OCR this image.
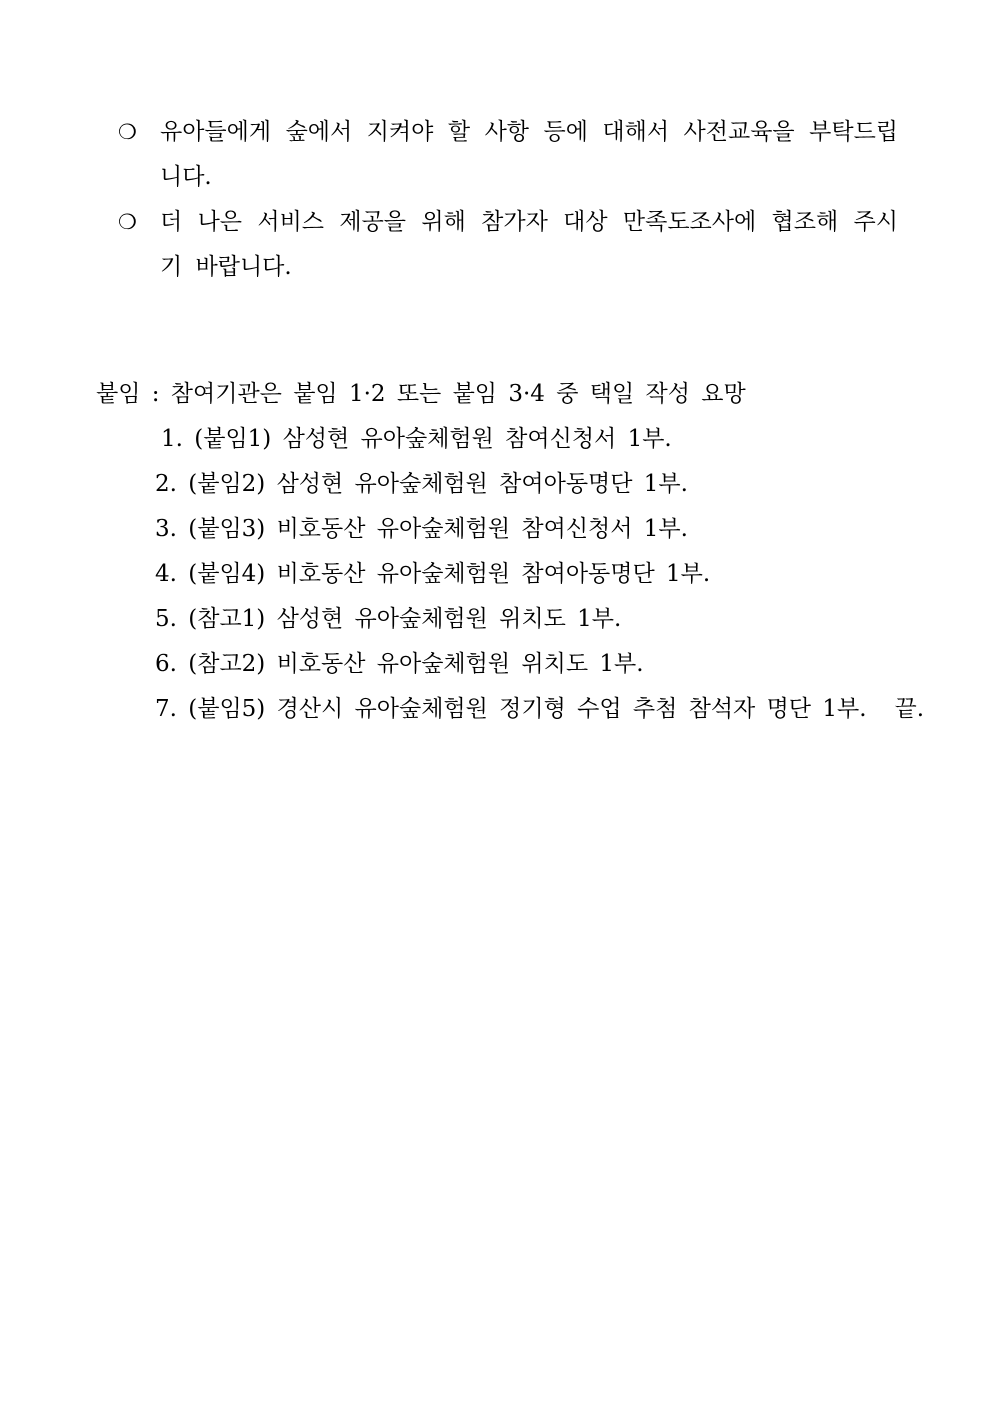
❍ 유아들에게 숲에서 지켜야 할 사항 등에 대해서 사전교육을 부탁드립니다.
❍ 더 나은 서비스 제공을 위해 참가자 대상 만족도조사에 협조해 주시기 바랍니다.
붙임 : 참여기관은 붙임 1·2 또는 붙임 3·4 중 택일 작성 요망
1. (붙임1) 삼성현 유아숲체험원 참여신청서 1부.
2. (붙임2) 삼성현 유아숲체험원 참여아동명단 1부.
3. (붙임3) 비호동산 유아숲체험원 참여신청서 1부.
4. (붙임4) 비호동산 유아숲체험원 참여아동명단 1부.
5. (참고1) 삼성현 유아숲체험원 위치도 1부.
6. (참고2) 비호동산 유아숲체험원 위치도 1부.
7. (붙임5) 경산시 유아숲체험원 정기형 수업 추첨 참석자 명단 1부. 끝.
